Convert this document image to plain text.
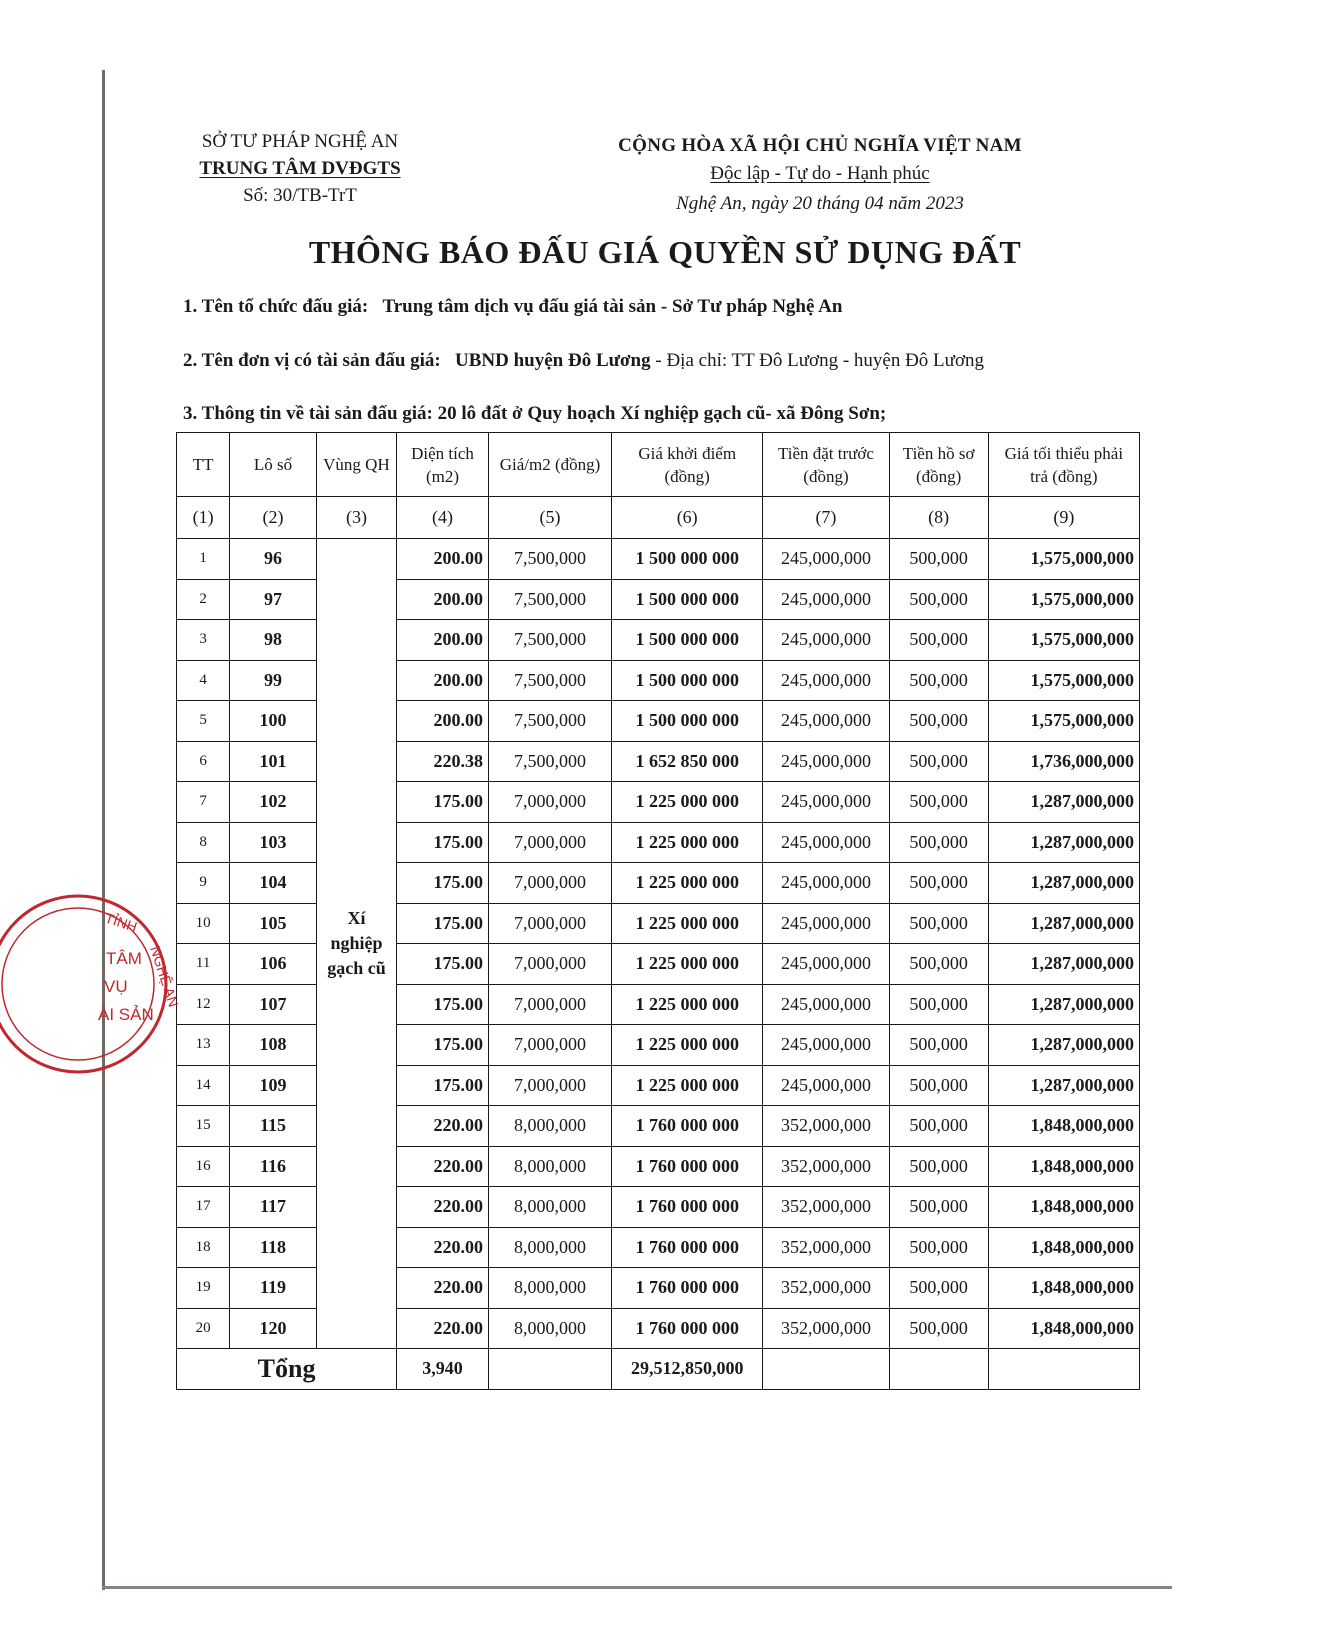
SỞ TƯ PHÁP NGHỆ AN
TRUNG TÂM DVĐGTS
Số: 30/TB-TrT
CỘNG HÒA XÃ HỘI CHỦ NGHĨA VIỆT NAM
Độc lập - Tự do - Hạnh phúc
Nghệ An, ngày 20 tháng 04 năm 2023
THÔNG BÁO ĐẤU GIÁ QUYỀN SỬ DỤNG ĐẤT
1. Tên tổ chức đấu giá: Trung tâm dịch vụ đấu giá tài sản - Sở Tư pháp Nghệ An
2. Tên đơn vị có tài sản đấu giá: UBND huyện Đô Lương - Địa chỉ: TT Đô Lương - huyện Đô Lương
3. Thông tin về tài sản đấu giá: 20 lô đất ở Quy hoạch Xí nghiệp gạch cũ- xã Đông Sơn;
TT	Lô số	Vùng QH	Diện tích (m2)	Giá/m2 (đồng)	Giá khởi điểm (đồng)	Tiền đặt trước (đồng)	Tiền hồ sơ (đồng)	Giá tối thiểu phải trả (đồng)
(1)	(2)	(3)	(4)	(5)	(6)	(7)	(8)	(9)
1	96	Xí nghiệp gạch cũ	200.00	7,500,000	1 500 000 000	245,000,000	500,000	1,575,000,000
2	97		200.00	7,500,000	1 500 000 000	245,000,000	500,000	1,575,000,000
3	98		200.00	7,500,000	1 500 000 000	245,000,000	500,000	1,575,000,000
4	99		200.00	7,500,000	1 500 000 000	245,000,000	500,000	1,575,000,000
5	100		200.00	7,500,000	1 500 000 000	245,000,000	500,000	1,575,000,000
6	101		220.38	7,500,000	1 652 850 000	245,000,000	500,000	1,736,000,000
7	102		175.00	7,000,000	1 225 000 000	245,000,000	500,000	1,287,000,000
8	103		175.00	7,000,000	1 225 000 000	245,000,000	500,000	1,287,000,000
9	104		175.00	7,000,000	1 225 000 000	245,000,000	500,000	1,287,000,000
10	105		175.00	7,000,000	1 225 000 000	245,000,000	500,000	1,287,000,000
11	106		175.00	7,000,000	1 225 000 000	245,000,000	500,000	1,287,000,000
12	107		175.00	7,000,000	1 225 000 000	245,000,000	500,000	1,287,000,000
13	108		175.00	7,000,000	1 225 000 000	245,000,000	500,000	1,287,000,000
14	109		175.00	7,000,000	1 225 000 000	245,000,000	500,000	1,287,000,000
15	115		220.00	8,000,000	1 760 000 000	352,000,000	500,000	1,848,000,000
16	116		220.00	8,000,000	1 760 000 000	352,000,000	500,000	1,848,000,000
17	117		220.00	8,000,000	1 760 000 000	352,000,000	500,000	1,848,000,000
18	118		220.00	8,000,000	1 760 000 000	352,000,000	500,000	1,848,000,000
19	119		220.00	8,000,000	1 760 000 000	352,000,000	500,000	1,848,000,000
20	120		220.00	8,000,000	1 760 000 000	352,000,000	500,000	1,848,000,000
Tổng			3,940		29,512,850,000			
TỈNH
NGHỆ AN
TÂM
VỤ
ÀI SẢN
